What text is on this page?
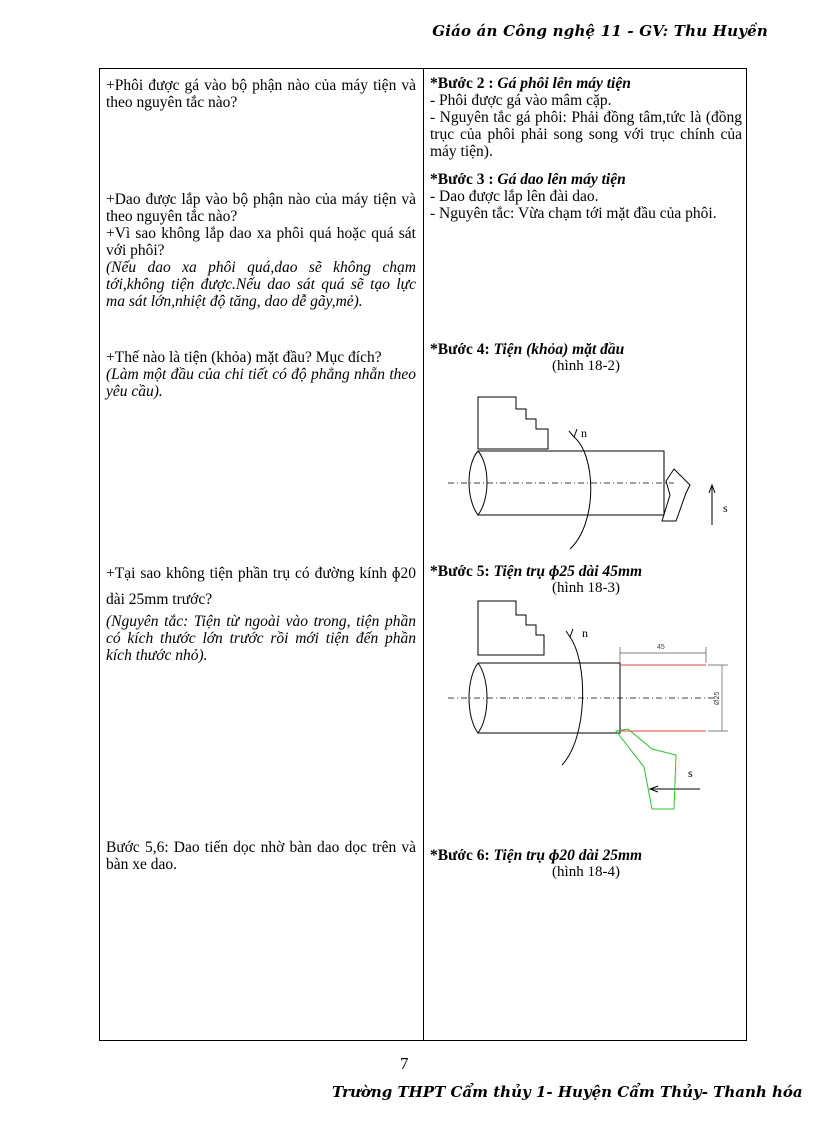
Giáo án Công nghệ 11 - GV: Thu Huyền

+Phôi được gá vào bộ phận nào của máy tiện và theo nguyên tắc nào?

+Dao được lắp vào bộ phận nào của máy tiện và theo nguyên tắc nào?

+Vì sao không lắp dao xa phôi quá hoặc quá sát với phôi?

(Nếu dao xa phôi quá,dao sẽ không chạm tới,không tiện được.Nếu dao sát quá sẽ tạo lực ma sát lớn,nhiệt độ tăng, dao dễ gãy,mẻ).

+Thế nào là tiện (khỏa) mặt đầu? Mục đích?

(Làm một đầu của chi tiết có độ phẳng nhẵn theo yêu cầu).

+Tại sao không tiện phần trụ có đường kính ɸ20 dài 25mm trước?

(Nguyên tắc: Tiện từ ngoài vào trong, tiện phần có kích thước lớn trước rồi mới tiện đến phần kích thước nhỏ).

Bước 5,6: Dao tiến dọc nhờ bàn dao dọc trên và bàn xe dao.

*Bước 2 : Gá phôi lên máy tiện

- Phôi được gá vào mâm cặp.

- Nguyên tắc gá phôi: Phải đồng tâm,tức là (đồng trục của phôi phải song song với trục chính của máy tiện).

*Bước 3 : Gá dao lên máy tiện

- Dao được lắp lên đài dao.

- Nguyên tắc: Vừa chạm tới mặt đầu của phôi.

*Bước 4: Tiện (khỏa) mặt đầu

(hình 18-2)

*Bước 5: Tiện trụ ɸ25 dài 45mm

(hình 18-3)

*Bước 6: Tiện trụ ɸ20 dài 25mm

(hình 18-4)

n
s
n
s
45
Ø25
7
Trường THPT Cẩm thủy 1- Huyện Cẩm Thủy- Thanh hóa
